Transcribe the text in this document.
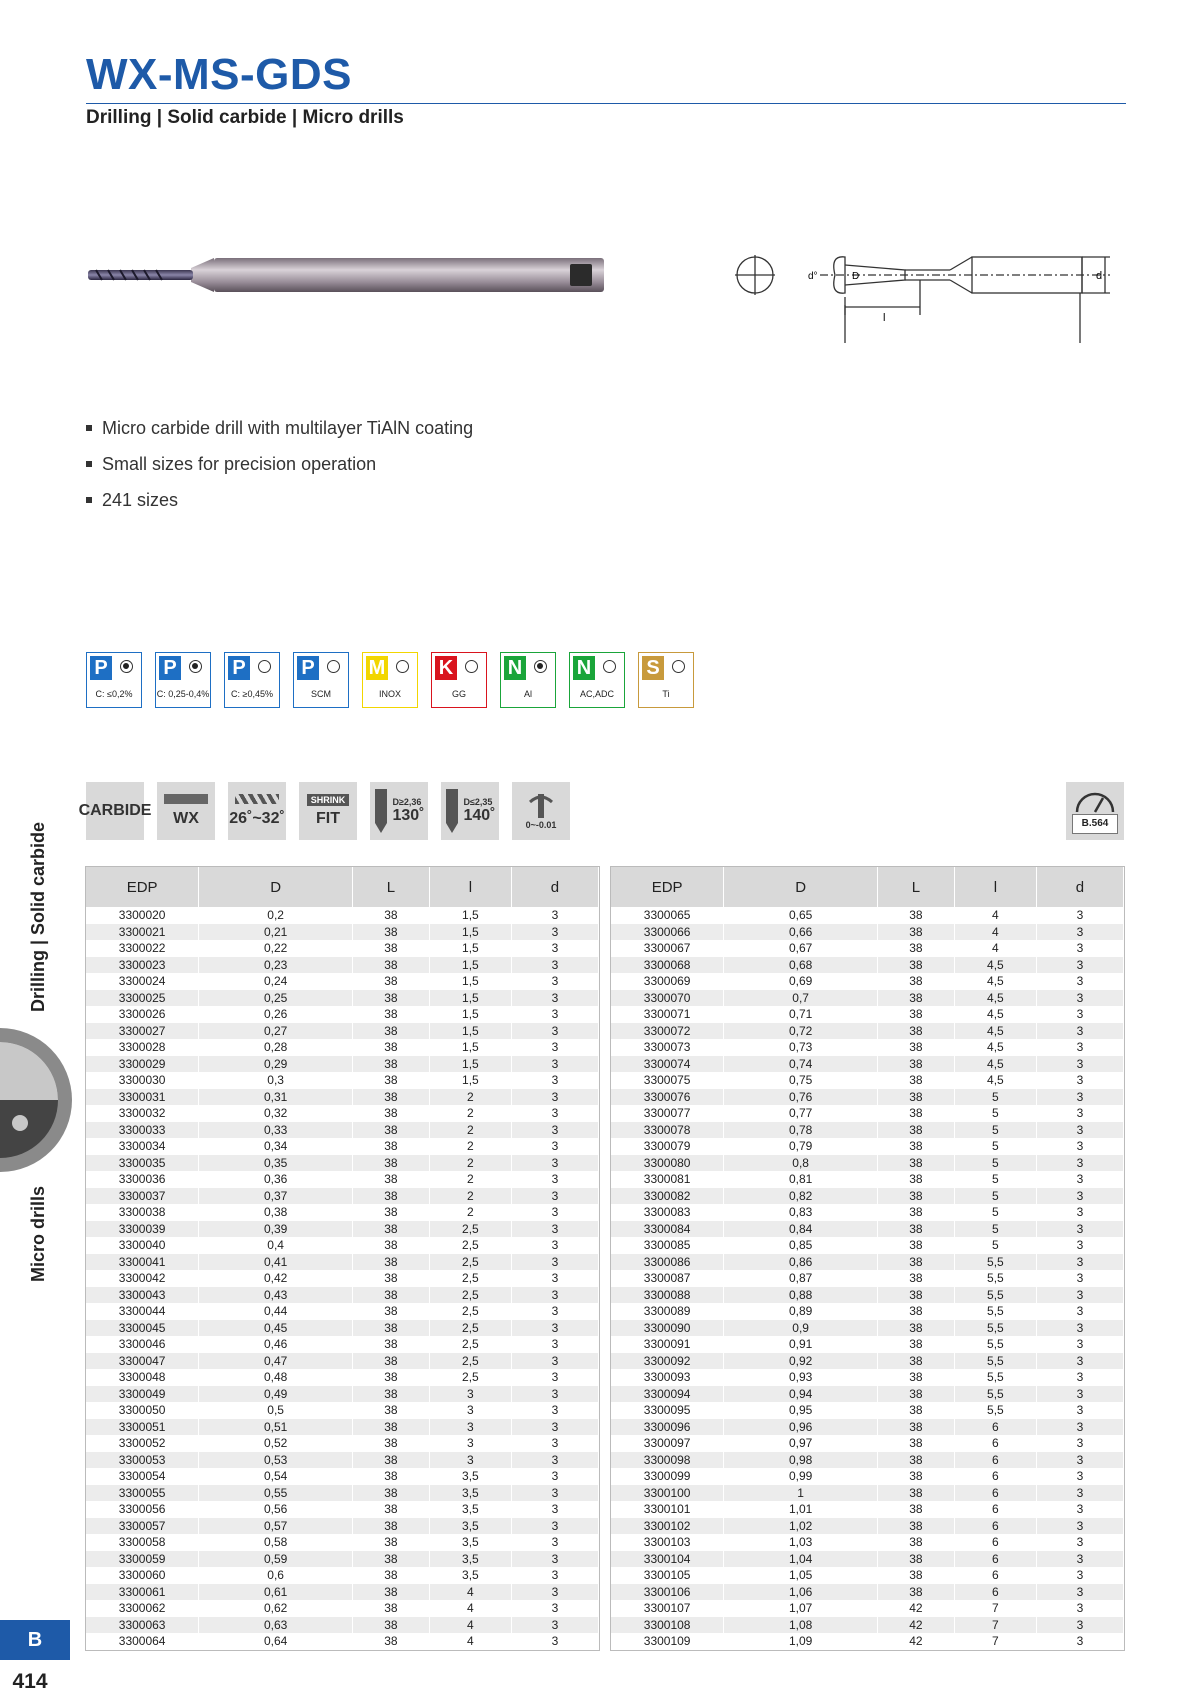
WX-MS-GDS
Drilling | Solid carbide | Micro drills
l
d
D
d°
Micro carbide drill with multilayer TiAlN coating
Small sizes for precision operation
241 sizes
P
C: ≤0,2%
P
C: 0,25-0,4%
P
C: ≥0,45%
P
SCM
M
INOX
K
GG
N
Al
N
AC,ADC
S
Ti
CARBIDE WX 26˚~32˚
SHRINK
FIT
D≥2,36
130˚
D≤2,35
140˚
0~-0.01	B.564
Drilling | Solid carbide
Micro drills
B
414
EDP	D	L	l	d
3300020	0,2	38	1,5	3
3300021	0,21	38	1,5	3
3300022	0,22	38	1,5	3
3300023	0,23	38	1,5	3
3300024	0,24	38	1,5	3
3300025	0,25	38	1,5	3
3300026	0,26	38	1,5	3
3300027	0,27	38	1,5	3
3300028	0,28	38	1,5	3
3300029	0,29	38	1,5	3
3300030	0,3	38	1,5	3
3300031	0,31	38	2	3
3300032	0,32	38	2	3
3300033	0,33	38	2	3
3300034	0,34	38	2	3
3300035	0,35	38	2	3
3300036	0,36	38	2	3
3300037	0,37	38	2	3
3300038	0,38	38	2	3
3300039	0,39	38	2,5	3
3300040	0,4	38	2,5	3
3300041	0,41	38	2,5	3
3300042	0,42	38	2,5	3
3300043	0,43	38	2,5	3
3300044	0,44	38	2,5	3
3300045	0,45	38	2,5	3
3300046	0,46	38	2,5	3
3300047	0,47	38	2,5	3
3300048	0,48	38	2,5	3
3300049	0,49	38	3	3
3300050	0,5	38	3	3
3300051	0,51	38	3	3
3300052	0,52	38	3	3
3300053	0,53	38	3	3
3300054	0,54	38	3,5	3
3300055	0,55	38	3,5	3
3300056	0,56	38	3,5	3
3300057	0,57	38	3,5	3
3300058	0,58	38	3,5	3
3300059	0,59	38	3,5	3
3300060	0,6	38	3,5	3
3300061	0,61	38	4	3
3300062	0,62	38	4	3
3300063	0,63	38	4	3
3300064	0,64	38	4	3
EDP	D	L	l	d
3300065	0,65	38	4	3
3300066	0,66	38	4	3
3300067	0,67	38	4	3
3300068	0,68	38	4,5	3
3300069	0,69	38	4,5	3
3300070	0,7	38	4,5	3
3300071	0,71	38	4,5	3
3300072	0,72	38	4,5	3
3300073	0,73	38	4,5	3
3300074	0,74	38	4,5	3
3300075	0,75	38	4,5	3
3300076	0,76	38	5	3
3300077	0,77	38	5	3
3300078	0,78	38	5	3
3300079	0,79	38	5	3
3300080	0,8	38	5	3
3300081	0,81	38	5	3
3300082	0,82	38	5	3
3300083	0,83	38	5	3
3300084	0,84	38	5	3
3300085	0,85	38	5	3
3300086	0,86	38	5,5	3
3300087	0,87	38	5,5	3
3300088	0,88	38	5,5	3
3300089	0,89	38	5,5	3
3300090	0,9	38	5,5	3
3300091	0,91	38	5,5	3
3300092	0,92	38	5,5	3
3300093	0,93	38	5,5	3
3300094	0,94	38	5,5	3
3300095	0,95	38	5,5	3
3300096	0,96	38	6	3
3300097	0,97	38	6	3
3300098	0,98	38	6	3
3300099	0,99	38	6	3
3300100	1	38	6	3
3300101	1,01	38	6	3
3300102	1,02	38	6	3
3300103	1,03	38	6	3
3300104	1,04	38	6	3
3300105	1,05	38	6	3
3300106	1,06	38	6	3
3300107	1,07	42	7	3
3300108	1,08	42	7	3
3300109	1,09	42	7	3
